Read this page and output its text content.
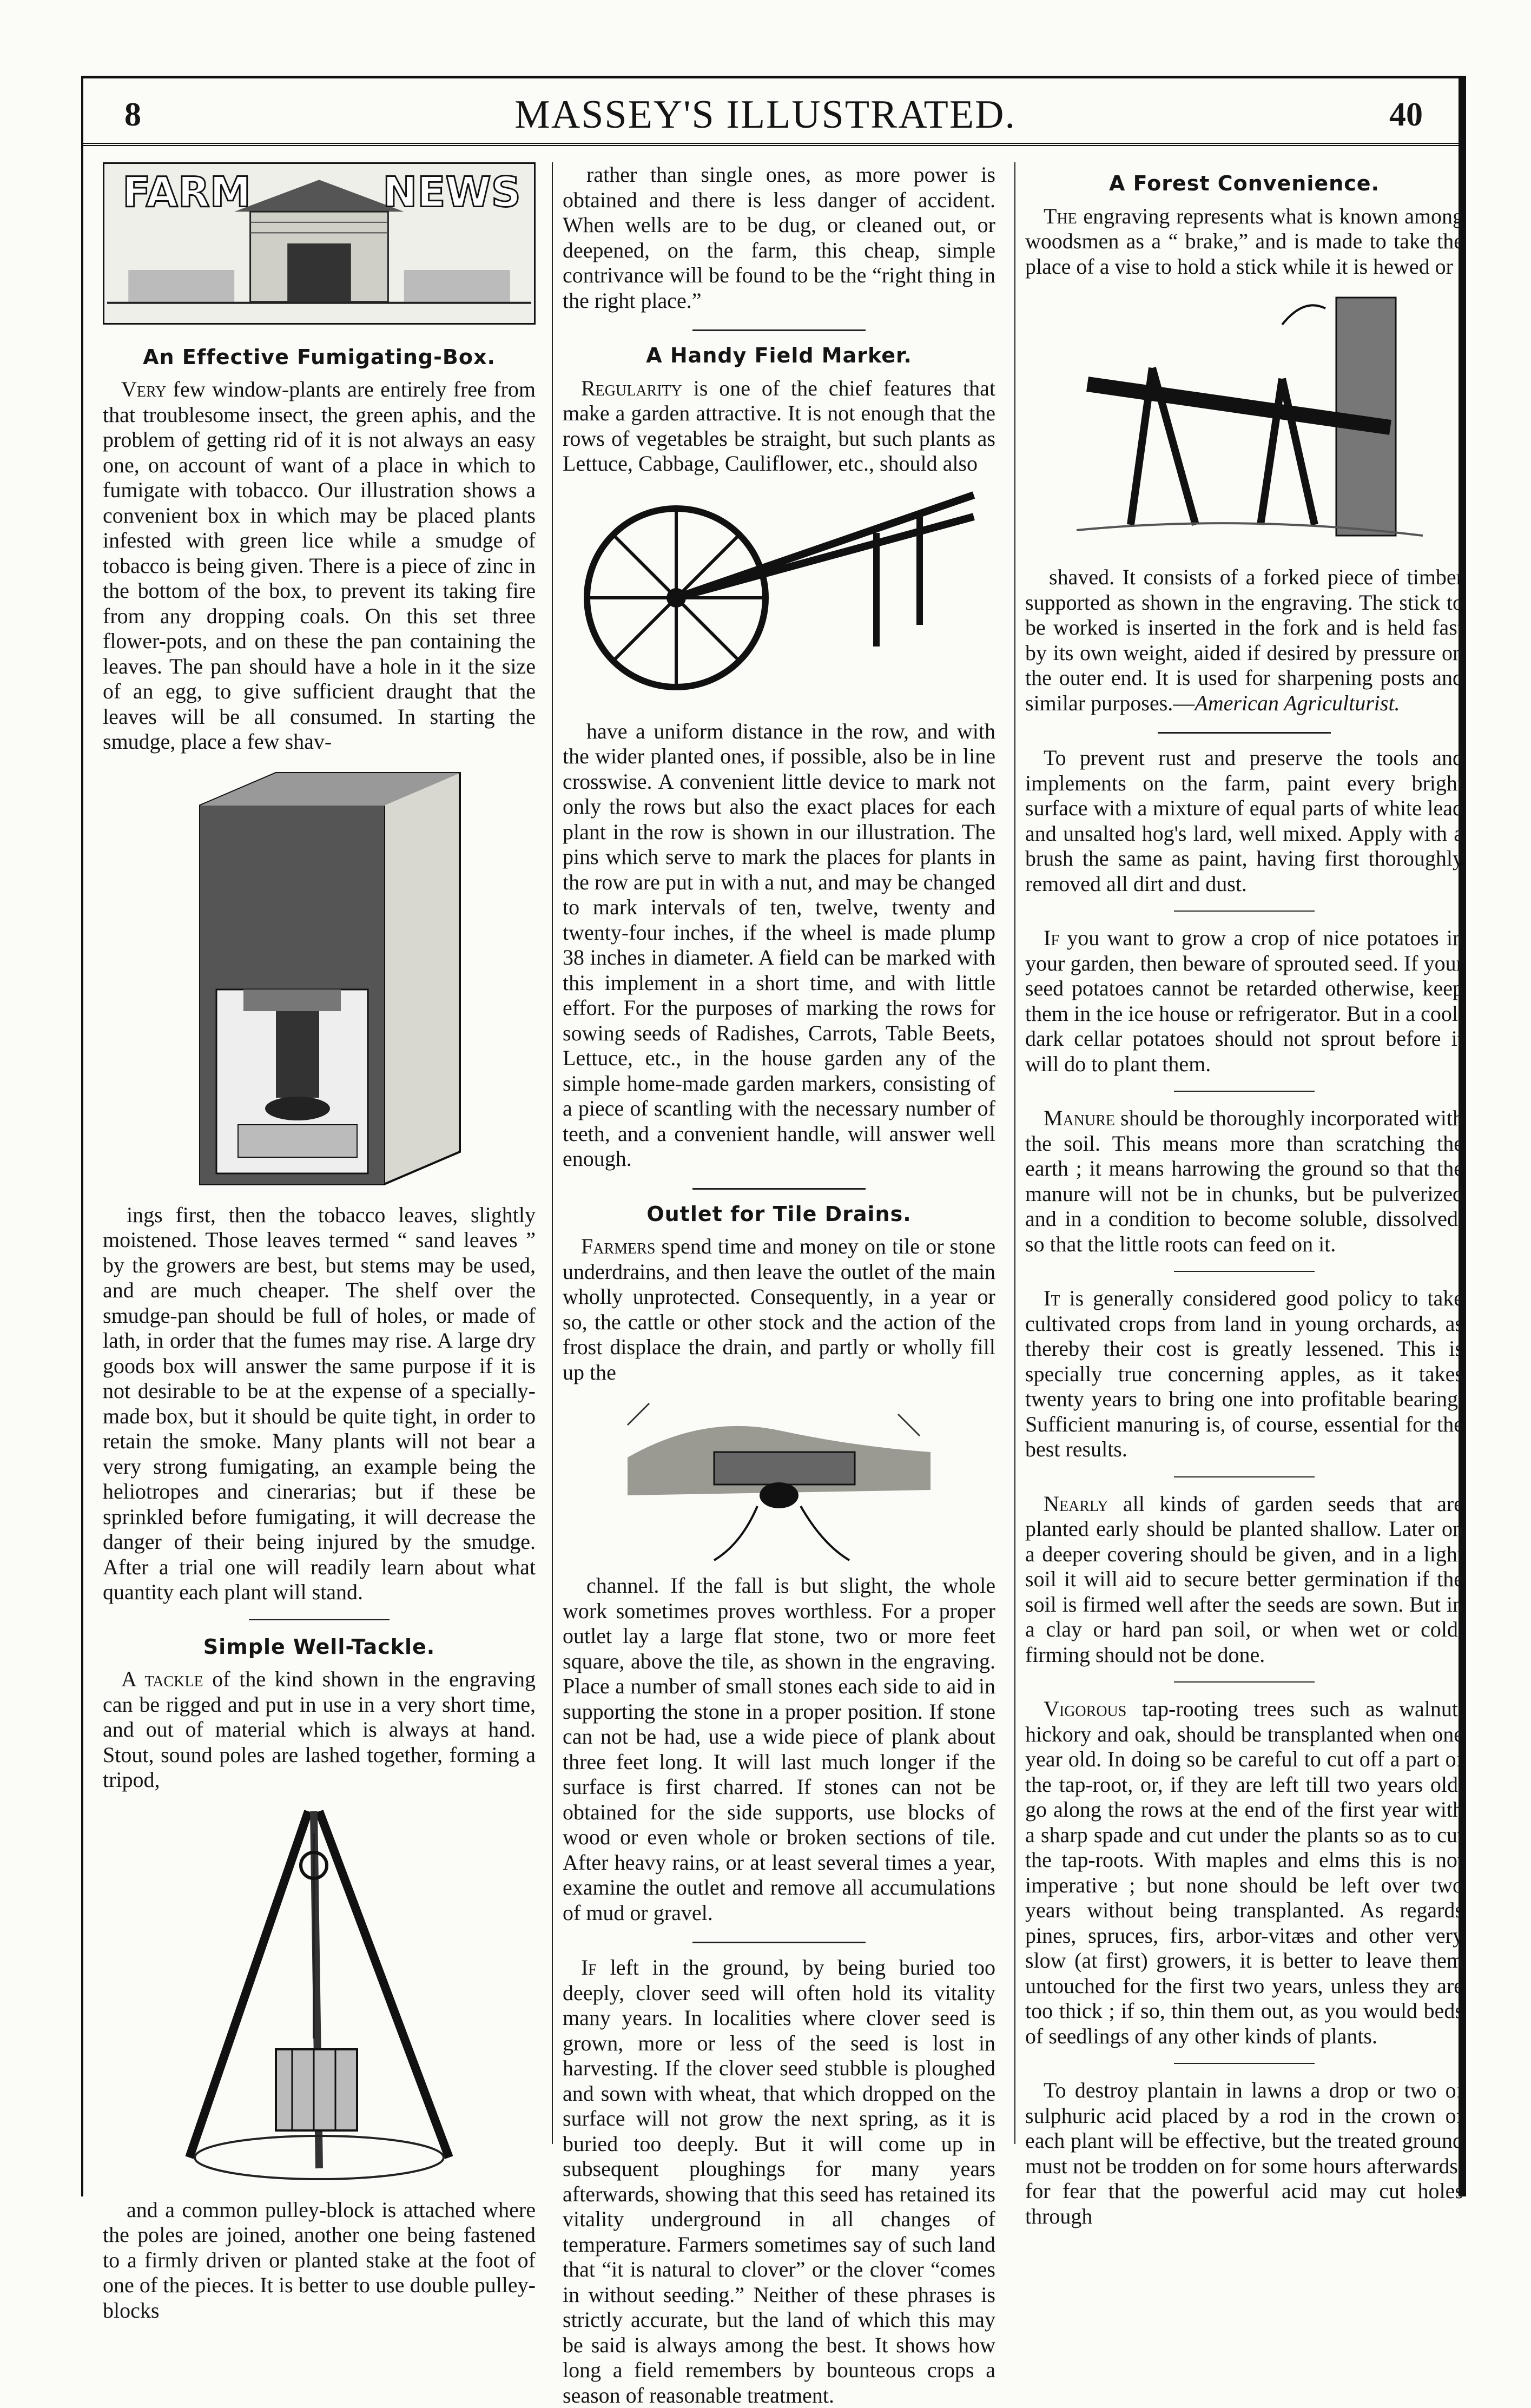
8	MASSEY'S ILLUSTRATED.	40
FARM	NEWS
An Effective Fumigating-Box.

Very few window-plants are entirely free from that troublesome insect, the green aphis, and the problem of getting rid of it is not always an easy one, on account of want of a place in which to fumigate with tobacco. Our illustration shows a convenient box in which may be placed plants infested with green lice while a smudge of tobacco is being given. There is a piece of zinc in the bottom of the box, to prevent its taking fire from any dropping coals. On this set three flower-pots, and on these the pan containing the leaves. The pan should have a hole in it the size of an egg, to give sufficient draught that the leaves will be all consumed. In starting the smudge, place a few shav-

ings first, then the tobacco leaves, slightly moistened. Those leaves termed “ sand leaves ” by the growers are best, but stems may be used, and are much cheaper. The shelf over the smudge-pan should be full of holes, or made of lath, in order that the fumes may rise. A large dry goods box will answer the same purpose if it is not desirable to be at the expense of a specially-made box, but it should be quite tight, in order to retain the smoke. Many plants will not bear a very strong fumigating, an example being the heliotropes and cinerarias; but if these be sprinkled before fumigating, it will decrease the danger of their being injured by the smudge. After a trial one will readily learn about what quantity each plant will stand.

Simple Well-Tackle.

A tackle of the kind shown in the engraving can be rigged and put in use in a very short time, and out of material which is always at hand. Stout, sound poles are lashed together, forming a tripod,

and a common pulley-block is attached where the poles are joined, another one being fastened to a firmly driven or planted stake at the foot of one of the pieces. It is better to use double pulley-blocks

rather than single ones, as more power is obtained and there is less danger of accident. When wells are to be dug, or cleaned out, or deepened, on the farm, this cheap, simple contrivance will be found to be the “right thing in the right place.”

A Handy Field Marker.

Regularity is one of the chief features that make a garden attractive. It is not enough that the rows of vegetables be straight, but such plants as Lettuce, Cabbage, Cauliflower, etc., should also

have a uniform distance in the row, and with the wider planted ones, if possible, also be in line crosswise. A convenient little device to mark not only the rows but also the exact places for each plant in the row is shown in our illustration. The pins which serve to mark the places for plants in the row are put in with a nut, and may be changed to mark intervals of ten, twelve, twenty and twenty-four inches, if the wheel is made plump 38 inches in diameter. A field can be marked with this implement in a short time, and with little effort. For the purposes of marking the rows for sowing seeds of Radishes, Carrots, Table Beets, Lettuce, etc., in the house garden any of the simple home-made garden markers, consisting of a piece of scantling with the necessary number of teeth, and a convenient handle, will answer well enough.

Outlet for Tile Drains.

Farmers spend time and money on tile or stone underdrains, and then leave the outlet of the main wholly unprotected. Consequently, in a year or so, the cattle or other stock and the action of the frost displace the drain, and partly or wholly fill up the

channel. If the fall is but slight, the whole work sometimes proves worthless. For a proper outlet lay a large flat stone, two or more feet square, above the tile, as shown in the engraving. Place a number of small stones each side to aid in supporting the stone in a proper position. If stone can not be had, use a wide piece of plank about three feet long. It will last much longer if the surface is first charred. If stones can not be obtained for the side supports, use blocks of wood or even whole or broken sections of tile. After heavy rains, or at least several times a year, examine the outlet and remove all accumulations of mud or gravel.

If left in the ground, by being buried too deeply, clover seed will often hold its vitality many years. In localities where clover seed is grown, more or less of the seed is lost in harvesting. If the clover seed stubble is ploughed and sown with wheat, that which dropped on the surface will not grow the next spring, as it is buried too deeply. But it will come up in subsequent ploughings for many years afterwards, showing that this seed has retained its vitality underground in all changes of temperature. Farmers sometimes say of such land that “it is natural to clover” or the clover “comes in without seeding.” Neither of these phrases is strictly accurate, but the land of which this may be said is always among the best. It shows how long a field remembers by bounteous crops a season of reasonable treatment.

A Forest Convenience.

The engraving represents what is known among woodsmen as a “ brake,” and is made to take the place of a vise to hold a stick while it is hewed or

shaved. It consists of a forked piece of timber supported as shown in the engraving. The stick to be worked is inserted in the fork and is held fast by its own weight, aided if desired by pressure on the outer end. It is used for sharpening posts and similar purposes.—American Agriculturist.

To prevent rust and preserve the tools and implements on the farm, paint every bright surface with a mixture of equal parts of white lead and unsalted hog's lard, well mixed. Apply with a brush the same as paint, having first thoroughly removed all dirt and dust.

If you want to grow a crop of nice potatoes in your garden, then beware of sprouted seed. If your seed potatoes cannot be retarded otherwise, keep them in the ice house or refrigerator. But in a cool, dark cellar potatoes should not sprout before it will do to plant them.

Manure should be thoroughly incorporated with the soil. This means more than scratching the earth ; it means harrowing the ground so that the manure will not be in chunks, but be pulverized and in a condition to become soluble, dissolved, so that the little roots can feed on it.

It is generally considered good policy to take cultivated crops from land in young orchards, as thereby their cost is greatly lessened. This is specially true concerning apples, as it takes twenty years to bring one into profitable bearing. Sufficient manuring is, of course, essential for the best results.

Nearly all kinds of garden seeds that are planted early should be planted shallow. Later on a deeper covering should be given, and in a light soil it will aid to secure better germination if the soil is firmed well after the seeds are sown. But in a clay or hard pan soil, or when wet or cold, firming should not be done.

Vigorous tap-rooting trees such as walnut, hickory and oak, should be transplanted when one year old. In doing so be careful to cut off a part of the tap-root, or, if they are left till two years old, go along the rows at the end of the first year with a sharp spade and cut under the plants so as to cut the tap-roots. With maples and elms this is not imperative ; but none should be left over two years without being transplanted. As regards pines, spruces, firs, arbor-vitæs and other very slow (at first) growers, it is better to leave them untouched for the first two years, unless they are too thick ; if so, thin them out, as you would beds of seedlings of any other kinds of plants.

To destroy plantain in lawns a drop or two of sulphuric acid placed by a rod in the crown of each plant will be effective, but the treated ground must not be trodden on for some hours afterwards, for fear that the powerful acid may cut holes through
